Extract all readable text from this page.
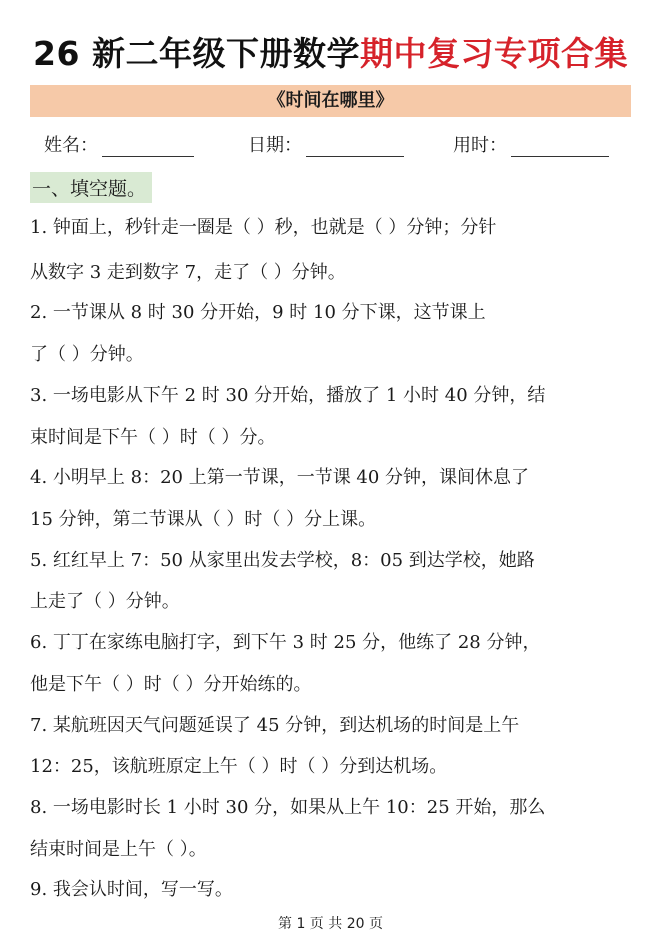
26 新二年级下册数学期中复习专项合集
《时间在哪里》
姓名：	日期：	用时：
一、填空题。
1. 钟面上，秒针走一圈是（ ）秒，也就是（ ）分钟；分针
从数字 3 走到数字 7，走了（ ）分钟。
2. 一节课从 8 时 30 分开始，9 时 10 分下课，这节课上
了（ ）分钟。
3. 一场电影从下午 2 时 30 分开始，播放了 1 小时 40 分钟，结
束时间是下午（ ）时（ ）分。
4. 小明早上 8：20 上第一节课，一节课 40 分钟，课间休息了
15 分钟，第二节课从（ ）时（ ）分上课。
5. 红红早上 7：50 从家里出发去学校，8：05 到达学校，她路
上走了（ ）分钟。
6. 丁丁在家练电脑打字，到下午 3 时 25 分，他练了 28 分钟，
他是下午（ ）时（ ）分开始练的。
7. 某航班因天气问题延误了 45 分钟，到达机场的时间是上午
12：25，该航班原定上午（ ）时（ ）分到达机场。
8. 一场电影时长 1 小时 30 分，如果从上午 10：25 开始，那么
结束时间是上午（ ）。
9. 我会认时间，写一写。
第 1 页 共 20 页
